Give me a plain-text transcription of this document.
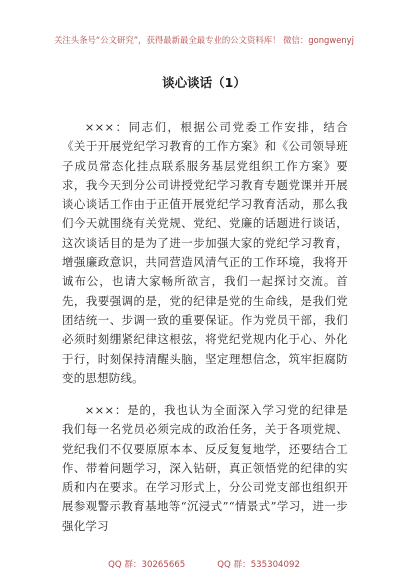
关注头条号“公文研究”，获得最新最全最专业的公文资料库！ 微信：gongwenyj
谈心谈话（1）

×××：同志们，根据公司党委工作安排，结合《关于开展党纪学习教育的工作方案》和《公司领导班子成员常态化挂点联系服务基层党组织工作方案》要求，我今天到分公司讲授党纪学习教育专题党课并开展谈心谈话工作由于正值开展党纪学习教育活动，那么我们今天就围绕有关党规、党纪、党廉的话题进行谈话，这次谈话目的是为了进一步加强大家的党纪学习教育，增强廉政意识，共同营造风清气正的工作环境，我将开诚布公，也请大家畅所欲言，我们一起探讨交流。首先，我要强调的是，党的纪律是党的生命线，是我们党团结统一、步调一致的重要保证。作为党员干部，我们必须时刻绷紧纪律这根弦，将党纪党规内化于心、外化于行，时刻保持清醒头脑，坚定理想信念，筑牢拒腐防变的思想防线。

×××：是的，我也认为全面深入学习党的纪律是我们每一名党员必须完成的政治任务，关于各项党规、党纪我们不仅要原原本本、反反复复地学，还要结合工作、带着问题学习，深入钻研，真正领悟党的纪律的实质和内在要求。在学习形式上，分公司党支部也组织开展参观警示教育基地等“沉浸式”“情景式”学习，进一步强化学习

QQ 群：30265665	QQ 群：535304092
